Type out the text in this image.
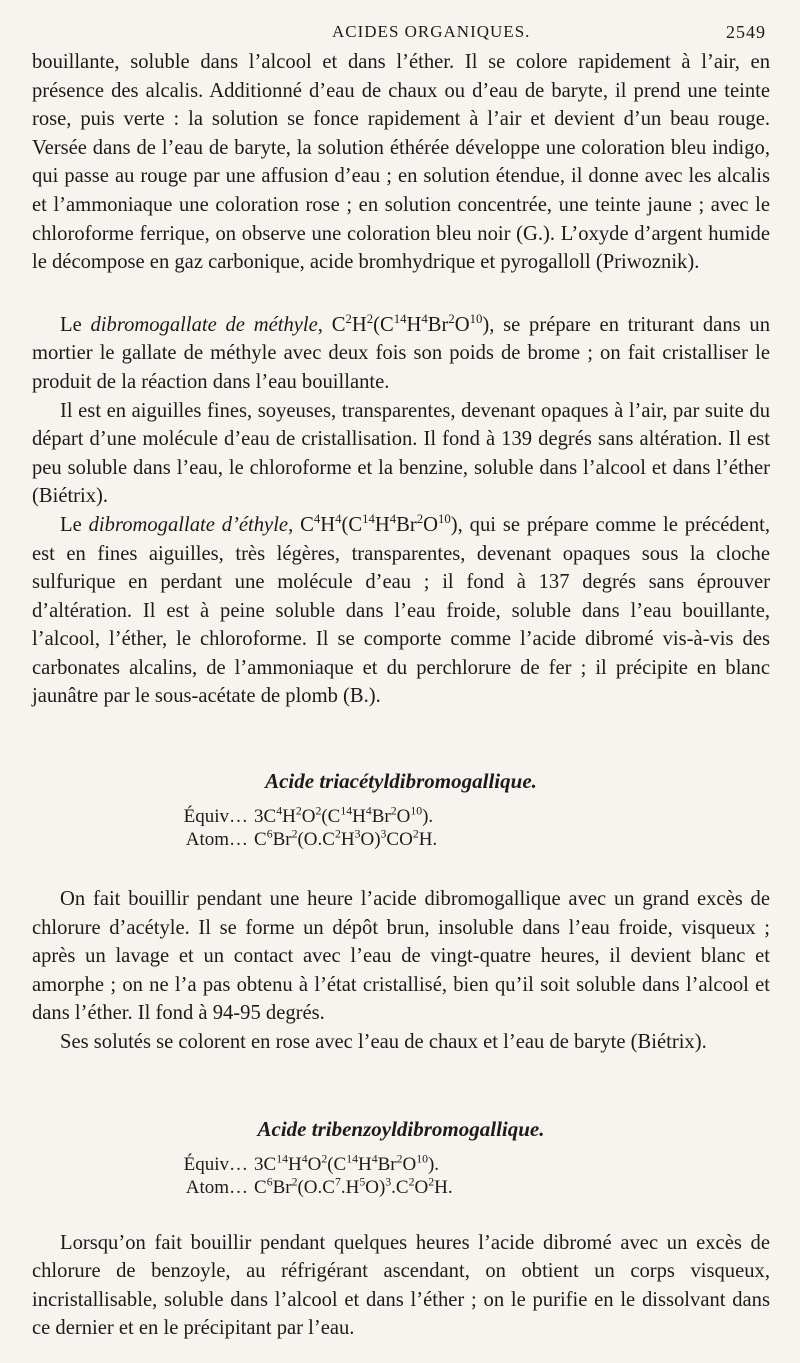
ACIDES ORGANIQUES.	2549

bouillante, soluble dans l’alcool et dans l’éther. Il se colore rapidement à l’air, en présence des alcalis. Additionné d’eau de chaux ou d’eau de baryte, il prend une teinte rose, puis verte : la solution se fonce rapidement à l’air et devient d’un beau rouge. Versée dans de l’eau de baryte, la solution éthérée développe une coloration bleu indigo, qui passe au rouge par une affusion d’eau ; en solution étendue, il donne avec les alcalis et l’ammoniaque une coloration rose ; en solution concentrée, une teinte jaune ; avec le chloroforme ferrique, on observe une coloration bleu noir (G.). L’oxyde d’argent humide le décompose en gaz carbonique, acide bromhydrique et pyrogalloll (Priwoznik).

Le dibromogallate de méthyle, $C^2H^2(C^{14}H^4Br^2O^{10})$, se prépare en triturant dans un mortier le gallate de méthyle avec deux fois son poids de brome ; on fait cristalliser le produit de la réaction dans l’eau bouillante.

Il est en aiguilles fines, soyeuses, transparentes, devenant opaques à l’air, par suite du départ d’une molécule d’eau de cristallisation. Il fond à 139 degrés sans altération. Il est peu soluble dans l’eau, le chloroforme et la benzine, soluble dans l’alcool et dans l’éther (Biétrix).

Le dibromogallate d’éthyle, $C^4H^4(C^{14}H^4Br^2O^{10})$, qui se prépare comme le précédent, est en fines aiguilles, très légères, transparentes, devenant opaques sous la cloche sulfurique en perdant une molécule d’eau ; il fond à 137 degrés sans éprouver d’altération. Il est à peine soluble dans l’eau froide, soluble dans l’eau bouillante, l’alcool, l’éther, le chloroforme. Il se comporte comme l’acide dibromé vis-à-vis des carbonates alcalins, de l’ammoniaque et du perchlorure de fer ; il précipite en blanc jaunâtre par le sous-acétate de plomb (B.).

Acide triacétyldibromogallique.
Équiv… $3C^4H^2O^2(C^{14}H^4Br^2O^{10})$.
Atom… $C^6Br^2(O.C^2H^3O)^3CO^2H$.

On fait bouillir pendant une heure l’acide dibromogallique avec un grand excès de chlorure d’acétyle. Il se forme un dépôt brun, insoluble dans l’eau froide, visqueux ; après un lavage et un contact avec l’eau de vingt-quatre heures, il devient blanc et amorphe ; on ne l’a pas obtenu à l’état cristallisé, bien qu’il soit soluble dans l’alcool et dans l’éther. Il fond à 94-95 degrés.

Ses solutés se colorent en rose avec l’eau de chaux et l’eau de baryte (Biétrix).

Acide tribenzoyldibromogallique.
Équiv… $3C^{14}H^4O^2(C^{14}H^4Br^2O^{10})$.
Atom… $C^6Br^2(O.C^7.H^5O)^3.C^2O^2H$.

Lorsqu’on fait bouillir pendant quelques heures l’acide dibromé avec un excès de chlorure de benzoyle, au réfrigérant ascendant, on obtient un corps visqueux, incristallisable, soluble dans l’alcool et dans l’éther ; on le purifie en le dissolvant dans ce dernier et en le précipitant par l’eau.
